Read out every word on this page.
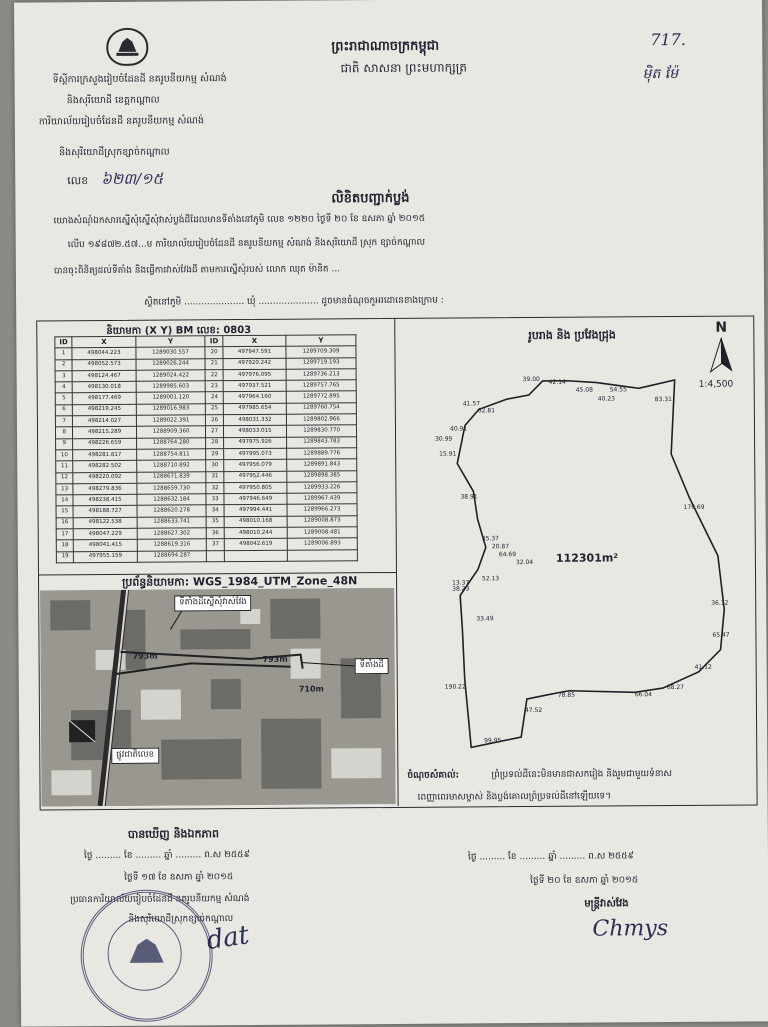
ព្រះរាជាណាចក្រកម្ពុជា
ជាតិ សាសនា ព្រះមហាក្សត្រ
717.
ម៉ិត ម៉ែ
ទីស្តីការក្រសួងរៀបចំដែនដី នគរូបនីយកម្ម សំណង់
និងសុរិយោដី ខេត្តកណ្តាល
ការិយាល័យរៀបចំដែនដី នគរូបនីយកម្ម សំណង់
និងសុរិយោដីស្រុកខ្សាច់កណ្តាល
លេខ ៦២៣/១៥
លិខិតបញ្ជាក់ប្លង់
យោងសំណុំឯកសារស្នើសុំស្នើសុំវាស់ប្លង់ដីដែលមានទីតាំងនៅភូមិ លេខ ១២២០ ថ្ងៃទី ២០ ខែ ឧសភា ឆ្នាំ ២០១៥
លើប ១៩៨៧២.៥៧...ម ការិយាល័យរៀបចំដែនដី នគរូបនីយកម្ម សំណង់ និងសុរិយោដី ស្រុក ខ្សាច់កណ្តាល
បានចុះពិនិត្យដល់ទីតាំង និងធ្វើការវាស់វែងដី តាមការស្នើសុំរបស់ លោក ឈុត ម៉ានិត ...
ស្ថិតនៅភូមិ ..................... ឃុំ ..................... ដូចមានចំណុចកូអរដោនេខាងក្រោម :
និយាមកា (X Y) BM លេខ: 0803
ID	X	Y	ID	X	Y
1	498044.223	1289030.557	20	497947.591	1289709.309
2	498052.573	1289026.244	21	497920.242	1289719.193
3	498124.467	1289024.422	22	497976.095	1289736.213
4	498130.018	1289985.603	23	497937.521	1289757.765
5	498177.469	1289001.120	24	497964.160	1289772.895
6	498219.245	1289016.983	25	497985.654	1289760.754
7	498214.027	1289022.391	26	498031.332	1289802.966
8	498215.289	1288909.360	27	498033.015	1289830.770
9	498226.659	1288764.280	28	497975.926	1289843.783
10	498281.817	1288754.811	29	497995.073	1289889.776
11	498282.502	1288710.892	30	497956.079	1289891.843
12	498220.092	1288671.839	31	497952.446	1289898.385
13	498279.836	1288659.730	32	497950.805	1289933.226
14	498238.415	1288632.184	33	497946.649	1289967.439
15	498188.727	1288620.278	34	497994.441	1289966.273
16	498122.538	1288633.741	35	498010.168	1289008.873
17	498047.229	1288627.302	36	498010.244	1289008.481
18	498041.415	1288619.316	37	498042.619	1289006.893
19	497955.159	1288694.287			
ប្រព័ន្ធនិយាមកា: WGS_1984_UTM_Zone_48N
ទីតាំងដីស្នើសុំវាស់វែង
ទីតាំងដី
ផ្លូវជាតិលេខ
793m	793m
710m
រូបរាង និង ប្រវែងជ្រុង	N
1:4,500
112301m²
39.00 42.14
45.08	54.55
40.23	83.31
41.57
62.81
40.91
30.99
15.91
38.91
35.37
20.87
64.69
32.04
52.13
13.37
170.69
36.12
65.47
41.12
68.27
66.04
78.85
47.52
99.95
190.22
38.23
33.49
ចំណុចសំគាល់:	ព្រំប្រទល់ដីនេះមិនមានជាសករៀង និងរួមជាមួយទំនាស
ពេញ្ញាពេរមាសម្ចាស់ និងប្លង់គោលព្រំប្រទល់ដីនៅឡើយទេ។
បានឃើញ និងឯកភាព
ថ្ងៃ ......... ខែ ......... ឆ្នាំ ......... ព.ស ២៥៥៩
ថ្ងៃទី ១៧ ខែ ឧសភា ឆ្នាំ ២០១៥
ប្រធានការិយាល័យរៀបចំដែនដី នគរូបនីយកម្ម សំណង់
និងសុរិយោដីស្រុកខ្សាច់កណ្តាល
ថ្ងៃ ......... ខែ ......... ឆ្នាំ ......... ព.ស ២៥៥៩
ថ្ងៃទី ២០ ខែ ឧសភា ឆ្នាំ ២០១៥
មន្ត្រីវាស់វែង
dat	Chmys
